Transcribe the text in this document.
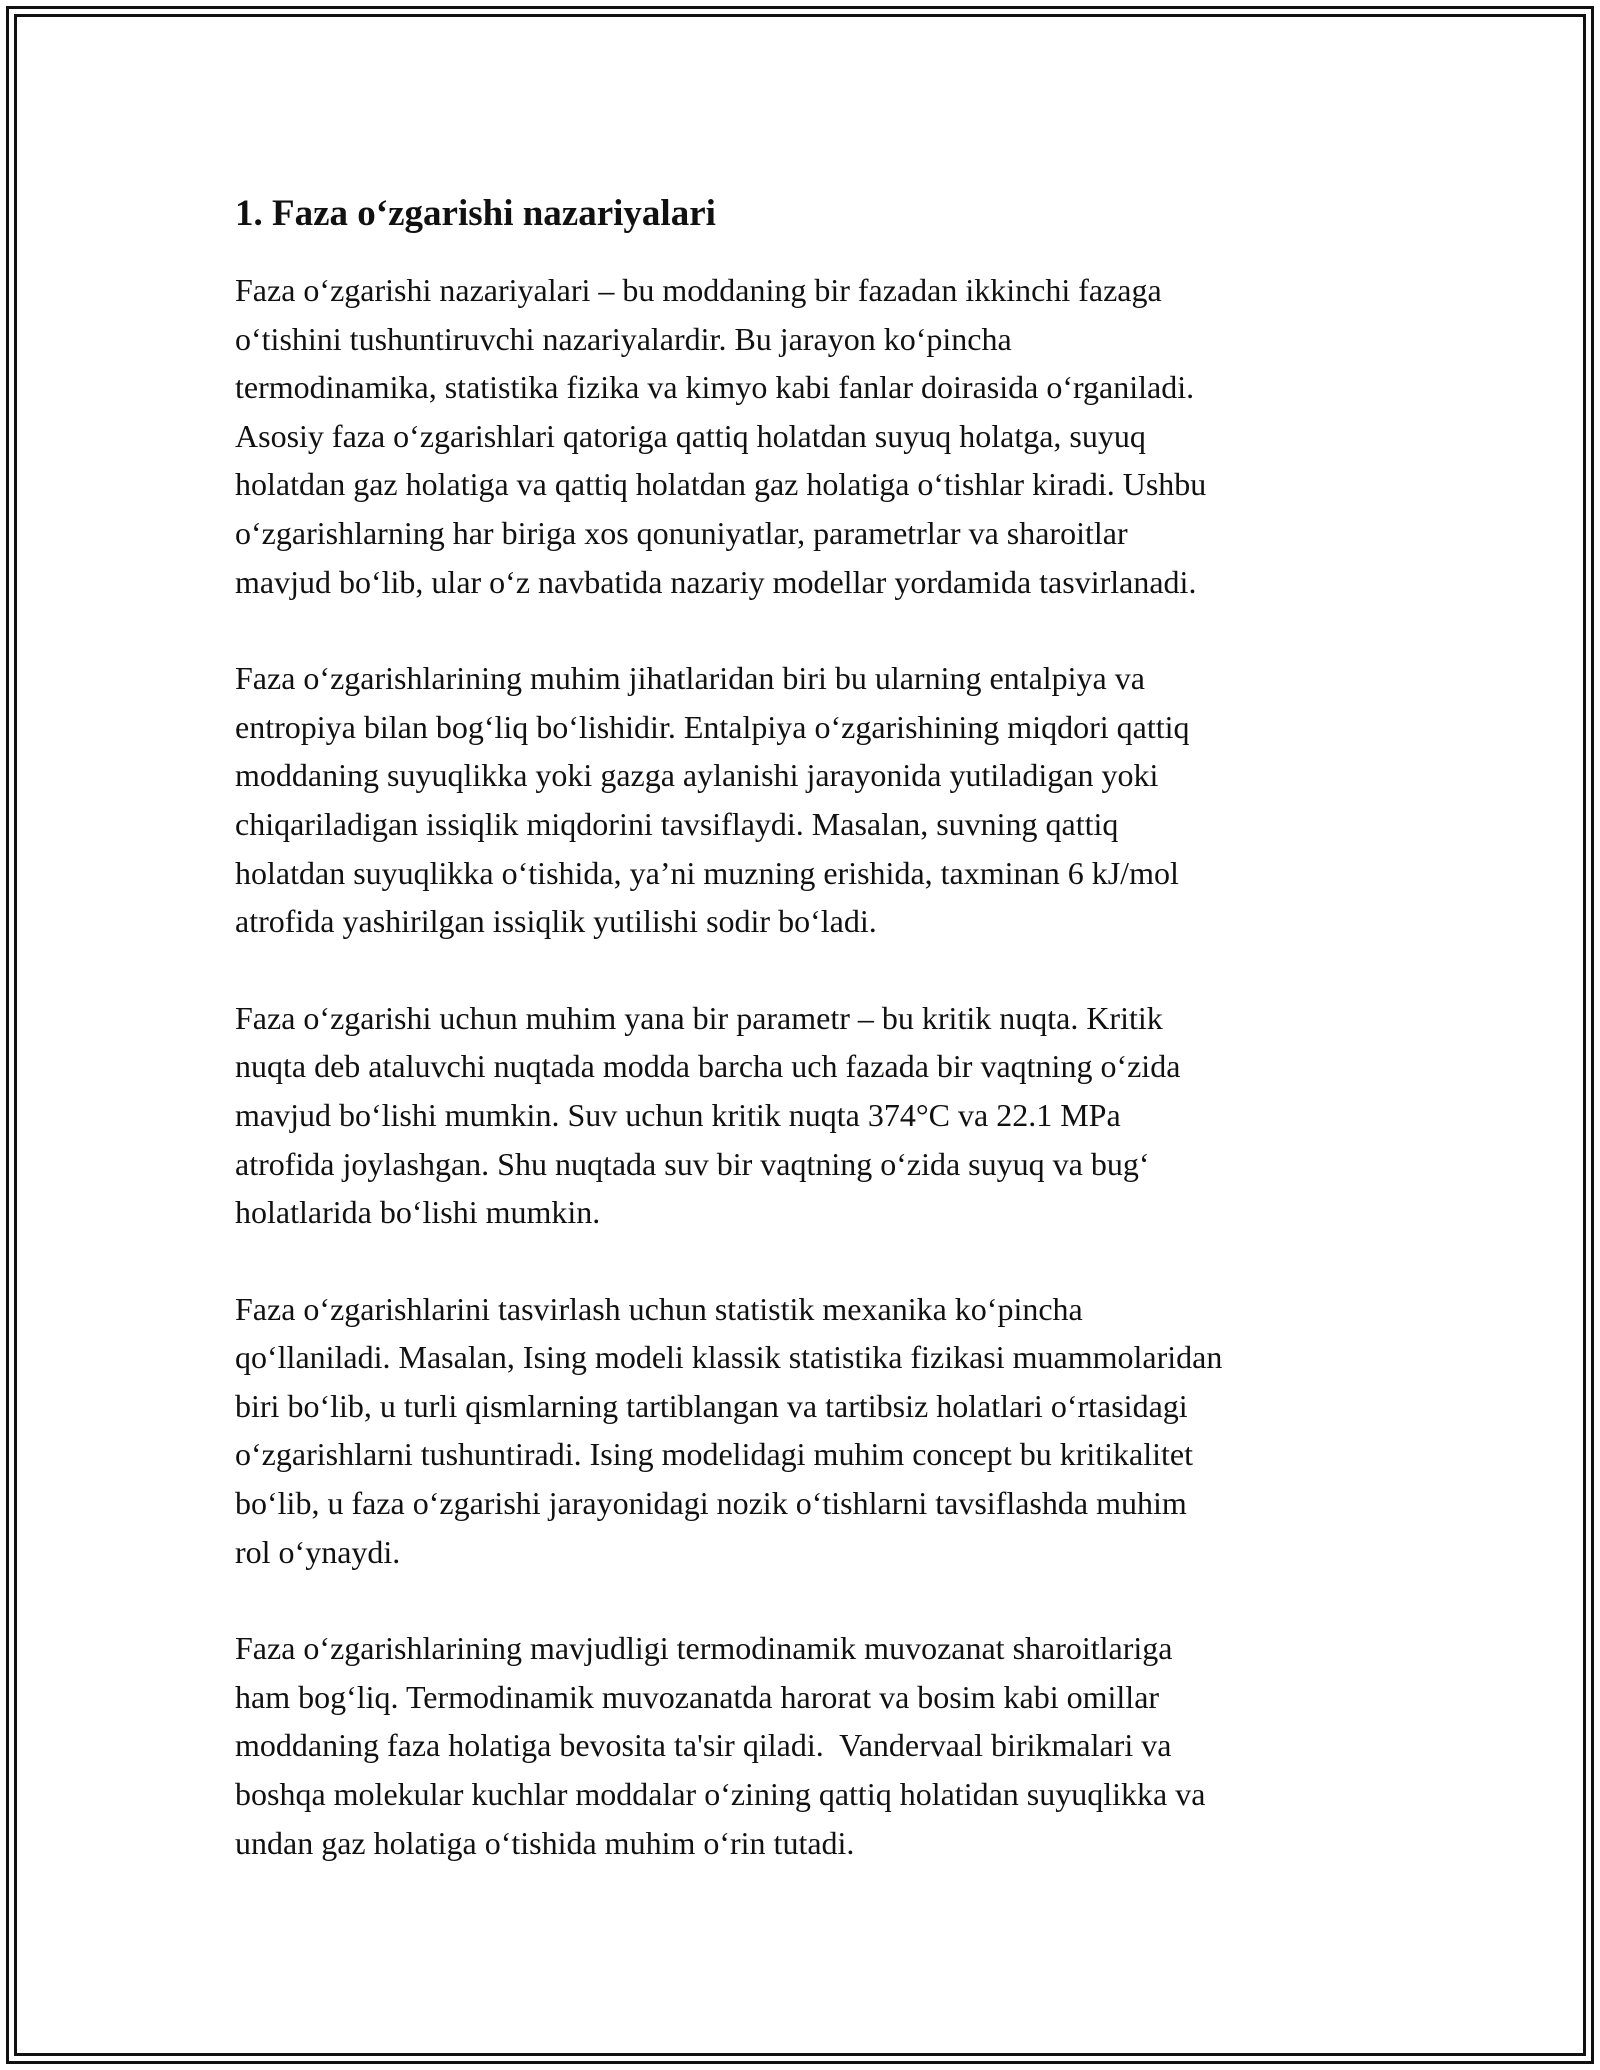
1. Faza o‘zgarishi nazariyalari

Faza o‘zgarishi nazariyalari – bu moddaning bir fazadan ikkinchi fazaga
o‘tishini tushuntiruvchi nazariyalardir. Bu jarayon ko‘pincha
termodinamika, statistika fizika va kimyo kabi fanlar doirasida o‘rganiladi.
Asosiy faza o‘zgarishlari qatoriga qattiq holatdan suyuq holatga, suyuq
holatdan gaz holatiga va qattiq holatdan gaz holatiga o‘tishlar kiradi. Ushbu
o‘zgarishlarning har biriga xos qonuniyatlar, parametrlar va sharoitlar
mavjud bo‘lib, ular o‘z navbatida nazariy modellar yordamida tasvirlanadi.

Faza o‘zgarishlarining muhim jihatlaridan biri bu ularning entalpiya va
entropiya bilan bog‘liq bo‘lishidir. Entalpiya o‘zgarishining miqdori qattiq
moddaning suyuqlikka yoki gazga aylanishi jarayonida yutiladigan yoki
chiqariladigan issiqlik miqdorini tavsiflaydi. Masalan, suvning qattiq
holatdan suyuqlikka o‘tishida, ya’ni muzning erishida, taxminan 6 kJ/mol
atrofida yashirilgan issiqlik yutilishi sodir bo‘ladi.

Faza o‘zgarishi uchun muhim yana bir parametr – bu kritik nuqta. Kritik
nuqta deb ataluvchi nuqtada modda barcha uch fazada bir vaqtning o‘zida
mavjud bo‘lishi mumkin. Suv uchun kritik nuqta 374°C va 22.1 MPa
atrofida joylashgan. Shu nuqtada suv bir vaqtning o‘zida suyuq va bug‘
holatlarida bo‘lishi mumkin.

Faza o‘zgarishlarini tasvirlash uchun statistik mexanika ko‘pincha
qo‘llaniladi. Masalan, Ising modeli klassik statistika fizikasi muammolaridan
biri bo‘lib, u turli qismlarning tartiblangan va tartibsiz holatlari o‘rtasidagi
o‘zgarishlarni tushuntiradi. Ising modelidagi muhim concept bu kritikalitet
bo‘lib, u faza o‘zgarishi jarayonidagi nozik o‘tishlarni tavsiflashda muhim
rol o‘ynaydi.

Faza o‘zgarishlarining mavjudligi termodinamik muvozanat sharoitlariga
ham bog‘liq. Termodinamik muvozanatda harorat va bosim kabi omillar
moddaning faza holatiga bevosita ta'sir qiladi.  Vandervaal birikmalari va
boshqa molekular kuchlar moddalar o‘zining qattiq holatidan suyuqlikka va
undan gaz holatiga o‘tishida muhim o‘rin tutadi.
